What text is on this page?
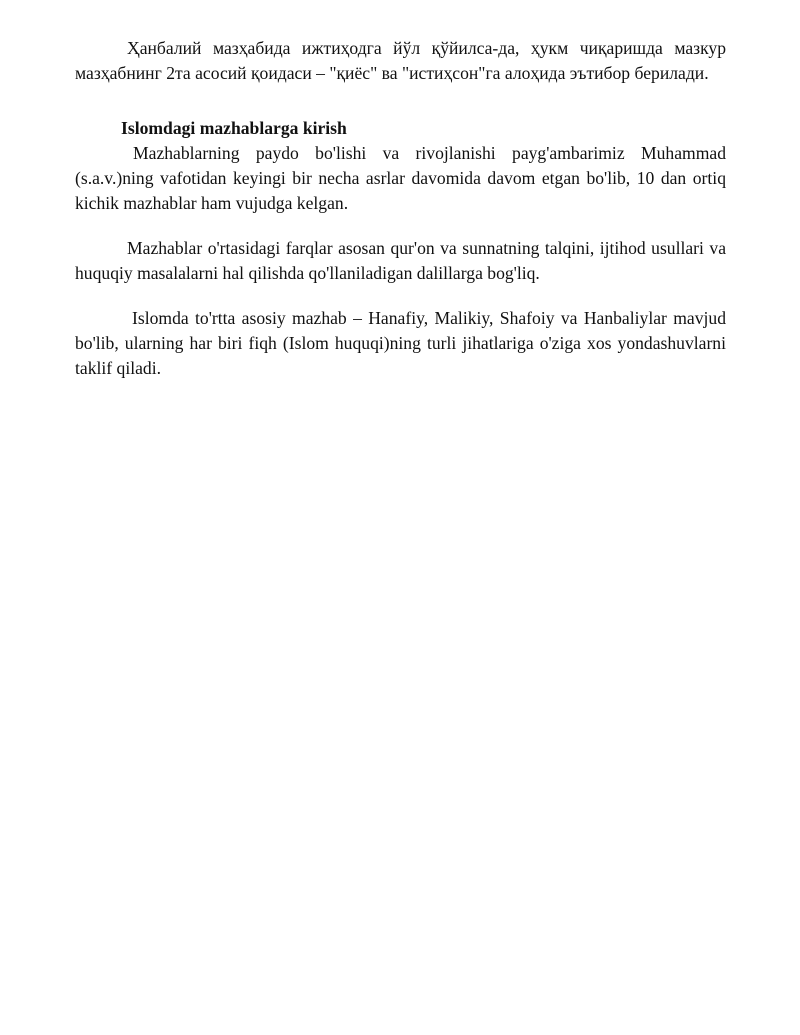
Ҳанбалий мазҳабида ижтиҳодга йўл қўйилса-да, ҳукм чиқаришда мазкур мазҳабнинг 2та асосий қоидаси – "қиёс" ва "истиҳсон"га алоҳида эътибор берилади.

Islomdagi mazhablarga kirish

Mazhablarning paydo bo'lishi va rivojlanishi payg'ambarimiz Muhammad (s.a.v.)ning vafotidan keyingi bir necha asrlar davomida davom etgan bo'lib, 10 dan ortiq kichik mazhablar ham vujudga kelgan.

Mazhablar o'rtasidagi farqlar asosan qur'on va sunnatning talqini, ijtihod usullari va huquqiy masalalarni hal qilishda qo'llaniladigan dalillarga bog'liq.

Islomda to'rtta asosiy mazhab – Hanafiy, Malikiy, Shafoiy va Hanbaliylar mavjud bo'lib, ularning har biri fiqh (Islom huquqi)ning turli jihatlariga o'ziga xos yondashuvlarni taklif qiladi.
